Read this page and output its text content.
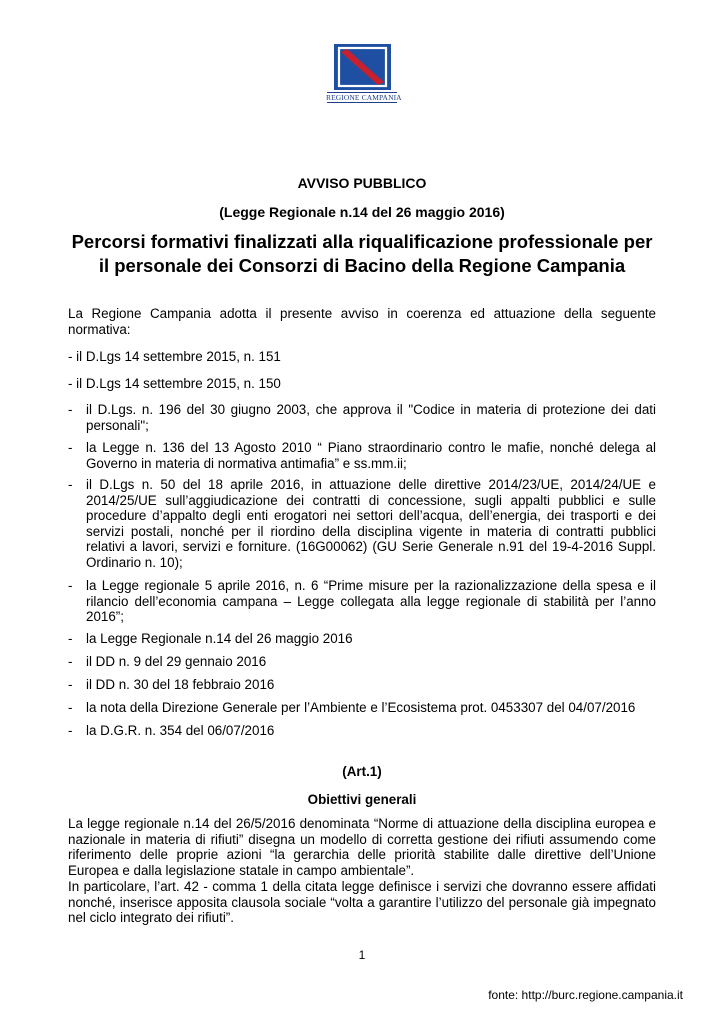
REGIONE CAMPANIA
AVVISO PUBBLICO
(Legge Regionale n.14 del 26 maggio 2016)
Percorsi formativi finalizzati alla riqualificazione professionale per il personale dei Consorzi di Bacino della Regione Campania
La Regione Campania adotta il presente avviso in coerenza ed attuazione della seguente normativa:
- il D.Lgs 14 settembre 2015, n. 151
- il D.Lgs 14 settembre 2015, n. 150
-	il D.Lgs. n. 196 del 30 giugno 2003, che approva il "Codice in materia di protezione dei dati personali";
-	la Legge n. 136 del 13 Agosto 2010 “ Piano straordinario contro le mafie, nonché delega al Governo in materia di normativa antimafia” e ss.mm.ii;
-	il D.Lgs n. 50 del 18 aprile 2016, in attuazione delle direttive 2014/23/UE, 2014/24/UE e 2014/25/UE sull’aggiudicazione dei contratti di concessione, sugli appalti pubblici e sulle procedure d’appalto degli enti erogatori nei settori dell’acqua, dell’energia, dei trasporti e dei servizi postali, nonché per il riordino della disciplina vigente in materia di contratti pubblici relativi a lavori, servizi e forniture. (16G00062) (GU Serie Generale n.91 del 19-4-2016 Suppl. Ordinario n. 10);
-	la Legge regionale 5 aprile 2016, n. 6 “Prime misure per la razionalizzazione della spesa e il rilancio dell’economia campana – Legge collegata alla legge regionale di stabilità per l’anno 2016”;
-	la Legge Regionale n.14 del 26 maggio 2016
-	il DD n. 9 del 29 gennaio 2016
-	il DD n. 30 del 18 febbraio 2016
-	la nota della Direzione Generale per l’Ambiente e l’Ecosistema prot. 0453307 del 04/07/2016
-	la D.G.R. n. 354 del 06/07/2016
(Art.1)
Obiettivi generali
La legge regionale n.14 del 26/5/2016 denominata “Norme di attuazione della disciplina europea e nazionale in materia di rifiuti” disegna un modello di corretta gestione dei rifiuti assumendo come riferimento delle proprie azioni “la gerarchia delle priorità stabilite dalle direttive dell’Unione Europea e dalla legislazione statale in campo ambientale”.
In particolare, l’art. 42 - comma 1 della citata legge definisce i servizi che dovranno essere affidati nonché, inserisce apposita clausola sociale “volta a garantire l’utilizzo del personale già impegnato nel ciclo integrato dei rifiuti”.
1
fonte: http://burc.regione.campania.it
